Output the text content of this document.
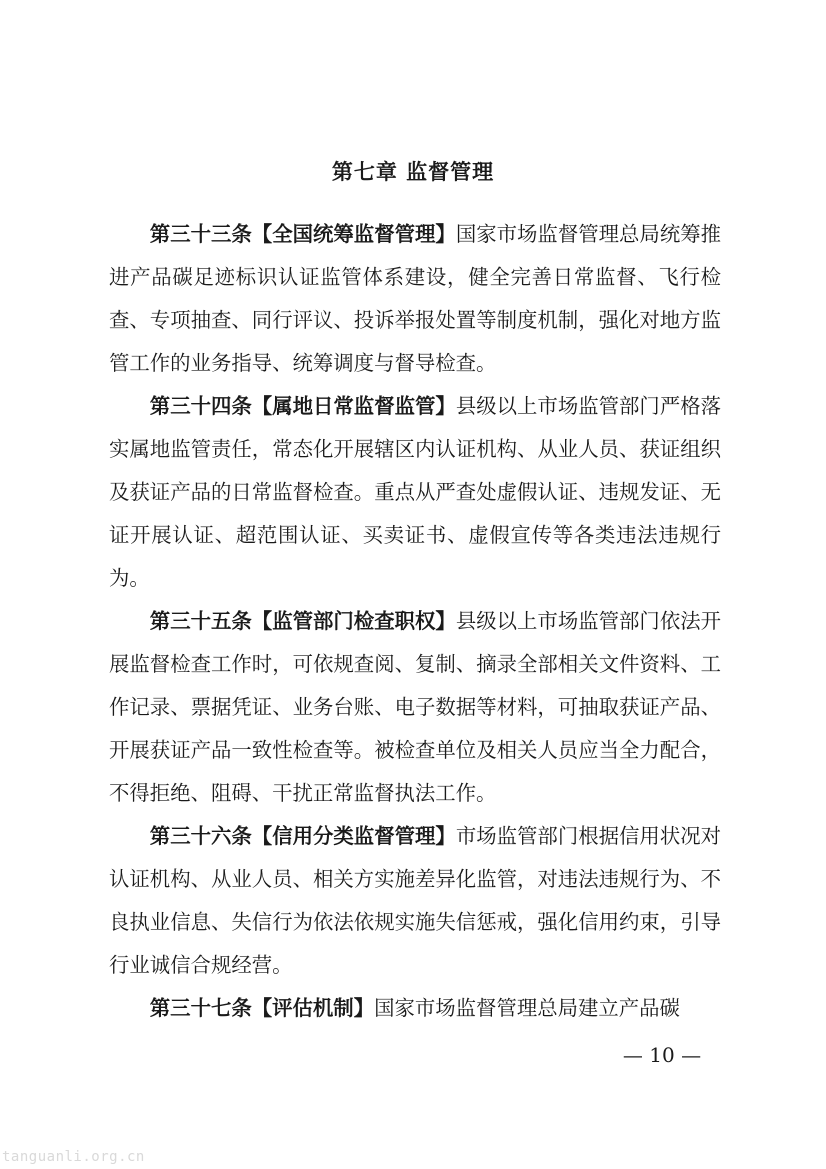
第七章 监督管理

第三十三条【全国统筹监督管理】国家市场监督管理总局统筹推进产品碳足迹标识认证监管体系建设，健全完善日常监督、飞行检查、专项抽查、同行评议、投诉举报处置等制度机制，强化对地方监管工作的业务指导、统筹调度与督导检查。

第三十四条【属地日常监督监管】县级以上市场监管部门严格落实属地监管责任，常态化开展辖区内认证机构、从业人员、获证组织及获证产品的日常监督检查。重点从严查处虚假认证、违规发证、无证开展认证、超范围认证、买卖证书、虚假宣传等各类违法违规行为。

第三十五条【监管部门检查职权】县级以上市场监管部门依法开展监督检查工作时，可依规查阅、复制、摘录全部相关文件资料、工作记录、票据凭证、业务台账、电子数据等材料，可抽取获证产品、开展获证产品一致性检查等。被检查单位及相关人员应当全力配合，不得拒绝、阻碍、干扰正常监督执法工作。

第三十六条【信用分类监督管理】市场监管部门根据信用状况对认证机构、从业人员、相关方实施差异化监管，对违法违规行为、不良执业信息、失信行为依法依规实施失信惩戒，强化信用约束，引导行业诚信合规经营。

第三十七条【评估机制】国家市场监督管理总局建立产品碳

— 10 —
tanguanli.org.cn
